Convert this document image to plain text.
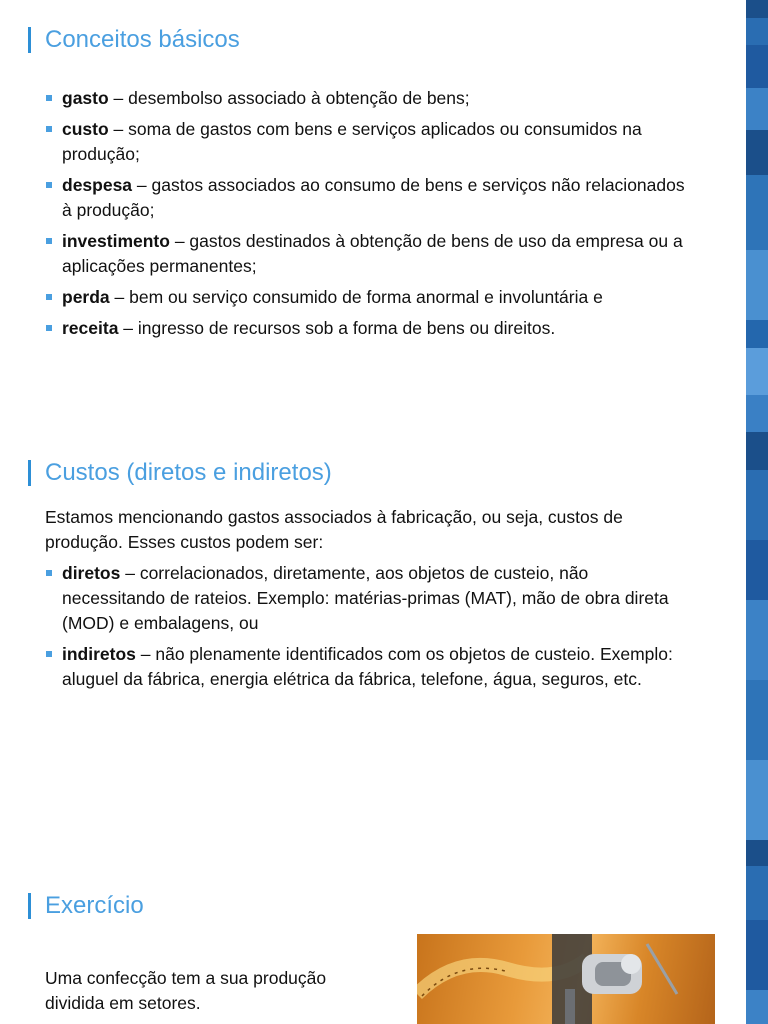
Conceitos básicos
gasto – desembolso associado à obtenção de bens;
custo – soma de gastos com bens e serviços aplicados ou consumidos na produção;
despesa – gastos associados ao consumo de bens e serviços não relacionados à produção;
investimento – gastos destinados à obtenção de bens de uso da empresa ou a aplicações permanentes;
perda – bem ou serviço consumido de forma anormal e involuntária e
receita – ingresso de recursos sob a forma de bens ou direitos.
Custos (diretos e indiretos)

Estamos mencionando gastos associados à fabricação, ou seja, custos de produção. Esses custos podem ser:

diretos – correlacionados, diretamente, aos objetos de custeio, não necessitando de rateios. Exemplo: matérias-primas (MAT), mão de obra direta (MOD) e embalagens, ou
indiretos – não plenamente identificados com os objetos de custeio. Exemplo: aluguel da fábrica, energia elétrica da fábrica, telefone, água, seguros, etc.
Exercício
Uma confecção tem a sua produção dividida em setores.
